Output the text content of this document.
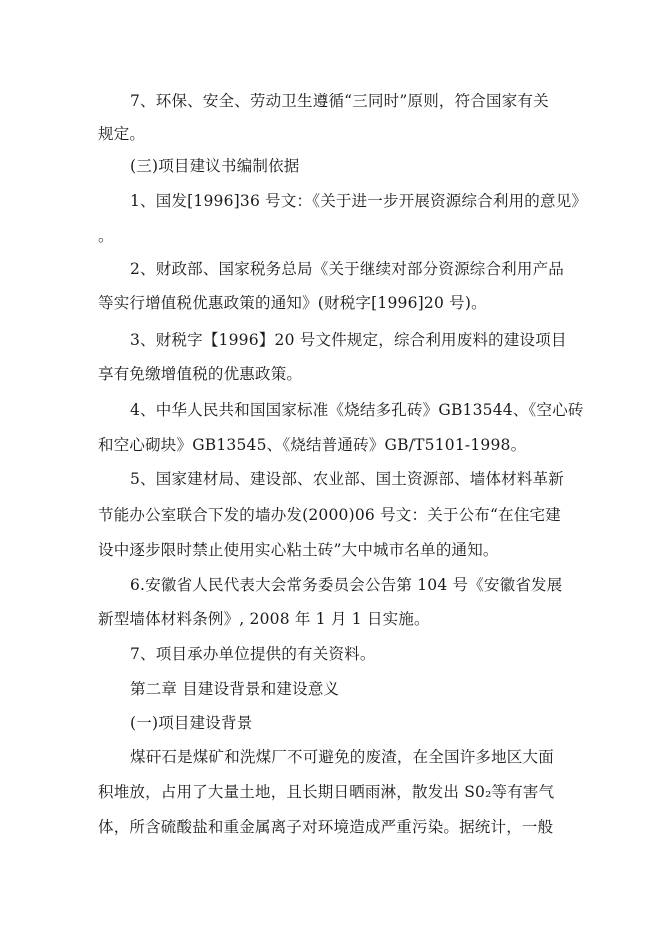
7、环保、安全、劳动卫生遵循“三同时”原则，符合国家有关
规定。
(三)项目建议书编制依据
1、国发[1996]36 号文：《关于进一步开展资源综合利用的意见》
。
2、财政部、国家税务总局《关于继续对部分资源综合利用产品
等实行增值税优惠政策的通知》(财税字[1996]20 号)。
3、财税字【1996】20 号文件规定，综合利用废料的建设项目
享有免缴增值税的优惠政策。
4、中华人民共和国国家标准《烧结多孔砖》GB13544、《空心砖
和空心砌块》GB13545、《烧结普通砖》GB/T5101-1998。
5、国家建材局、建设部、农业部、国土资源部、墙体材料革新
节能办公室联合下发的墙办发(2000)06 号文：关于公布“在住宅建
设中逐步限时禁止使用实心粘土砖”大中城市名单的通知。
6.安徽省人民代表大会常务委员会公告第 104 号《安徽省发展
新型墙体材料条例》, 2008 年 1 月 1 日实施。
7、项目承办单位提供的有关资料。
第二章 目建设背景和建设意义
(一)项目建设背景
煤矸石是煤矿和洗煤厂不可避免的废渣，在全国许多地区大面
积堆放，占用了大量土地，且长期日晒雨淋，散发出 S0₂等有害气
体，所含硫酸盐和重金属离子对环境造成严重污染。据统计，一般
